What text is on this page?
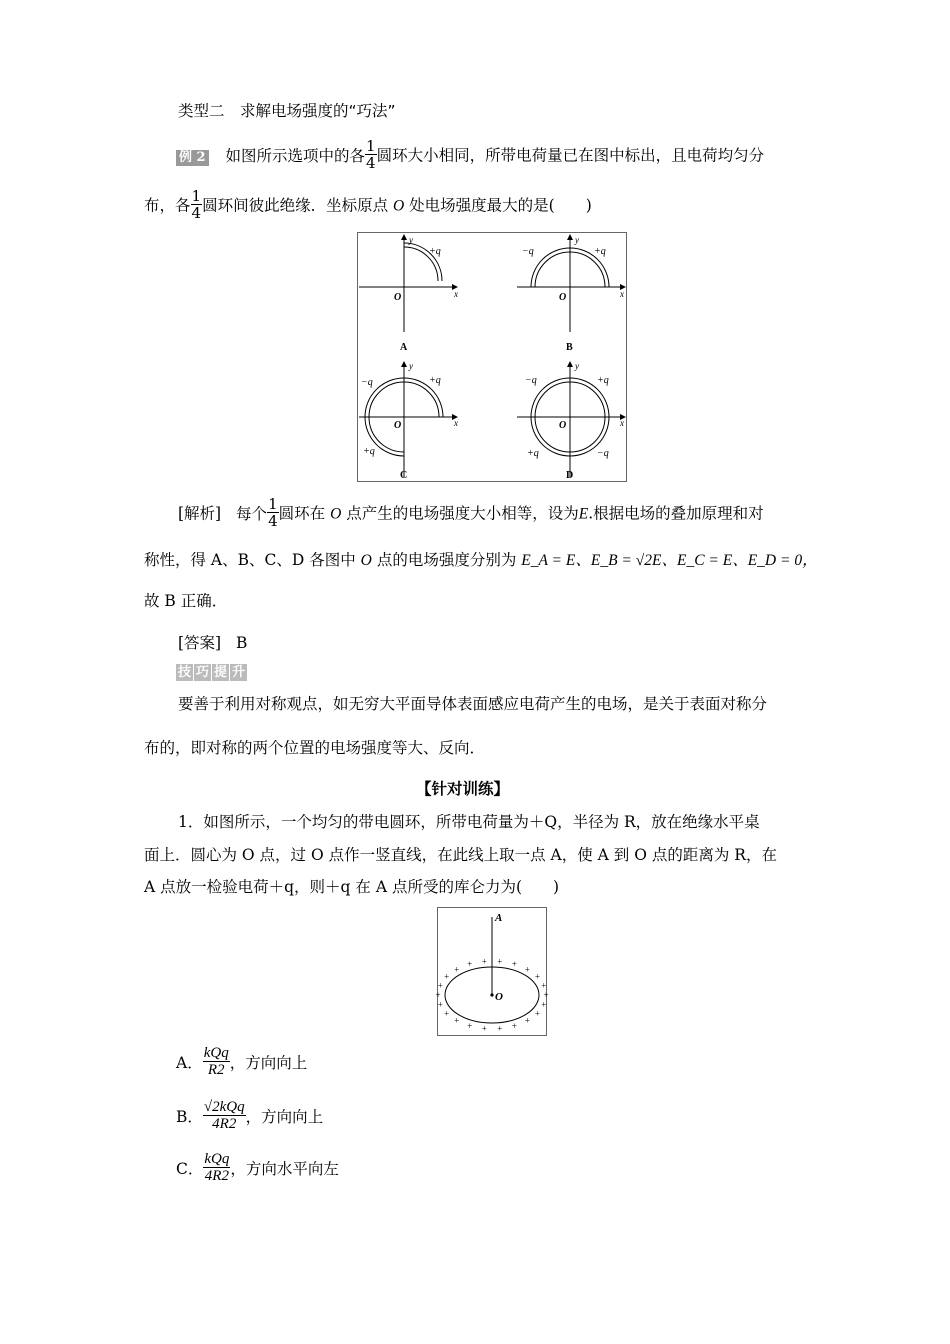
类型二　求解电场强度的“巧法”
例 2 如图所示选项中的各 $\frac{1}{4}$ 圆环大小相同，所带电荷量已在图中标出，且电荷均匀分
布，各 $\frac{1}{4}$ 圆环间彼此绝缘．坐标原点 O 处电场强度最大的是(　　)
y
x
O
+q
A
y
x
O
−q	+q
B
y
x
O
−q	+q
+q
C
y
x
O
−q	+q
+q	−q
D
[解析] 每个 $\frac{1}{4}$ 圆环在 O 点产生的电场强度大小相等，设为E.根据电场的叠加原理和对
称性，得 A、B、C、D 各图中 O 点的电场强度分别为 E_A = E、E_B = √2E、E_C = E、E_D = 0，
故 B 正确．
[答案] B
技 巧 提 升
要善于利用对称观点，如无穷大平面导体表面感应电荷产生的电场，是关于表面对称分
布的，即对称的两个位置的电场强度等大、反向．
【针对训练】
1．如图所示，一个均匀的带电圆环，所带电荷量为＋Q，半径为 R，放在绝缘水平桌
面上．圆心为 O 点，过 O 点作一竖直线，在此线上取一点 A，使 A 到 O 点的距离为 R，在
A 点放一检验电荷＋q，则＋q 在 A 点所受的库仑力为(　　)
A
O	+
+
+
+
+
+
+
+
+
+
+
+
+
+
+
+ + + +
+
+
+
A． $\frac{\text{kQq}}{R2}$ ，方向向上
B． $\frac{\text{√2kQq}}{4R2}$ ，方向向上
C． $\frac{\text{kQq}}{4R2}$ ，方向水平向左
